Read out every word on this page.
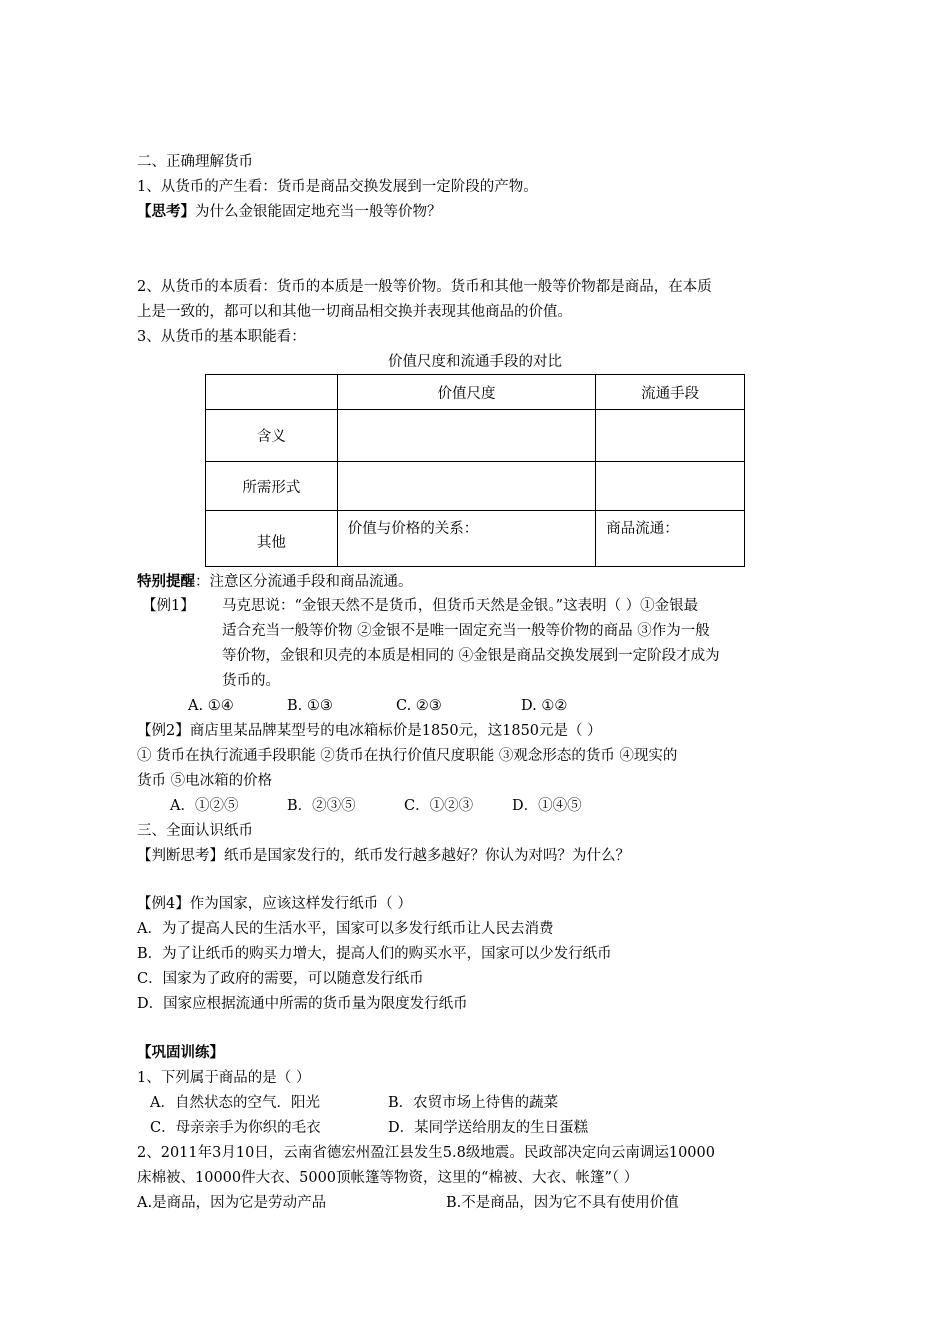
二、正确理解货币
1、从货币的产生看：货币是商品交换发展到一定阶段的产物。
【思考】为什么金银能固定地充当一般等价物？
2、从货币的本质看：货币的本质是一般等价物。货币和其他一般等价物都是商品，在本质
上是一致的，都可以和其他一切商品相交换并表现其他商品的价值。
3、从货币的基本职能看：
价值尺度和流通手段的对比
	价值尺度	流通手段
含义		
所需形式		
其他	价值与价格的关系：	商品流通：
特别提醒：注意区分流通手段和商品流通。
【例1】 马克思说：“金银天然不是货币，但货币天然是金银。”这表明（ ）①金银最
适合充当一般等价物 ②金银不是唯一固定充当一般等价物的商品 ③作为一般
等价物，金银和贝壳的本质是相同的 ④金银是商品交换发展到一定阶段才成为
货币的。
A. ①④	B. ①③	C. ②③	D. ①②
【例2】商店里某品牌某型号的电冰箱标价是1850元，这1850元是（ ）
① 货币在执行流通手段职能 ②货币在执行价值尺度职能 ③观念形态的货币 ④现实的
货币 ⑤电冰箱的价格
A．①②⑤	B．②③⑤	C．①②③	D．①④⑤
三、全面认识纸币
【判断思考】纸币是国家发行的，纸币发行越多越好？你认为对吗？为什么？
【例4】作为国家，应该这样发行纸币（ ）
A．为了提高人民的生活水平，国家可以多发行纸币让人民去消费
B．为了让纸币的购买力增大，提高人们的购买水平，国家可以少发行纸币
C．国家为了政府的需要，可以随意发行纸币
D．国家应根据流通中所需的货币量为限度发行纸币
【巩固训练】
1、下列属于商品的是（ ）
A．自然状态的空气．阳光	B．农贸市场上待售的蔬菜
C．母亲亲手为你织的毛衣	D．某同学送给朋友的生日蛋糕
2、2011年3月10日，云南省德宏州盈江县发生5.8级地震。民政部决定向云南调运10000
床棉被、10000件大衣、5000顶帐篷等物资，这里的“棉被、大衣、帐篷”（ ）
A.是商品，因为它是劳动产品	B.不是商品，因为它不具有使用价值
